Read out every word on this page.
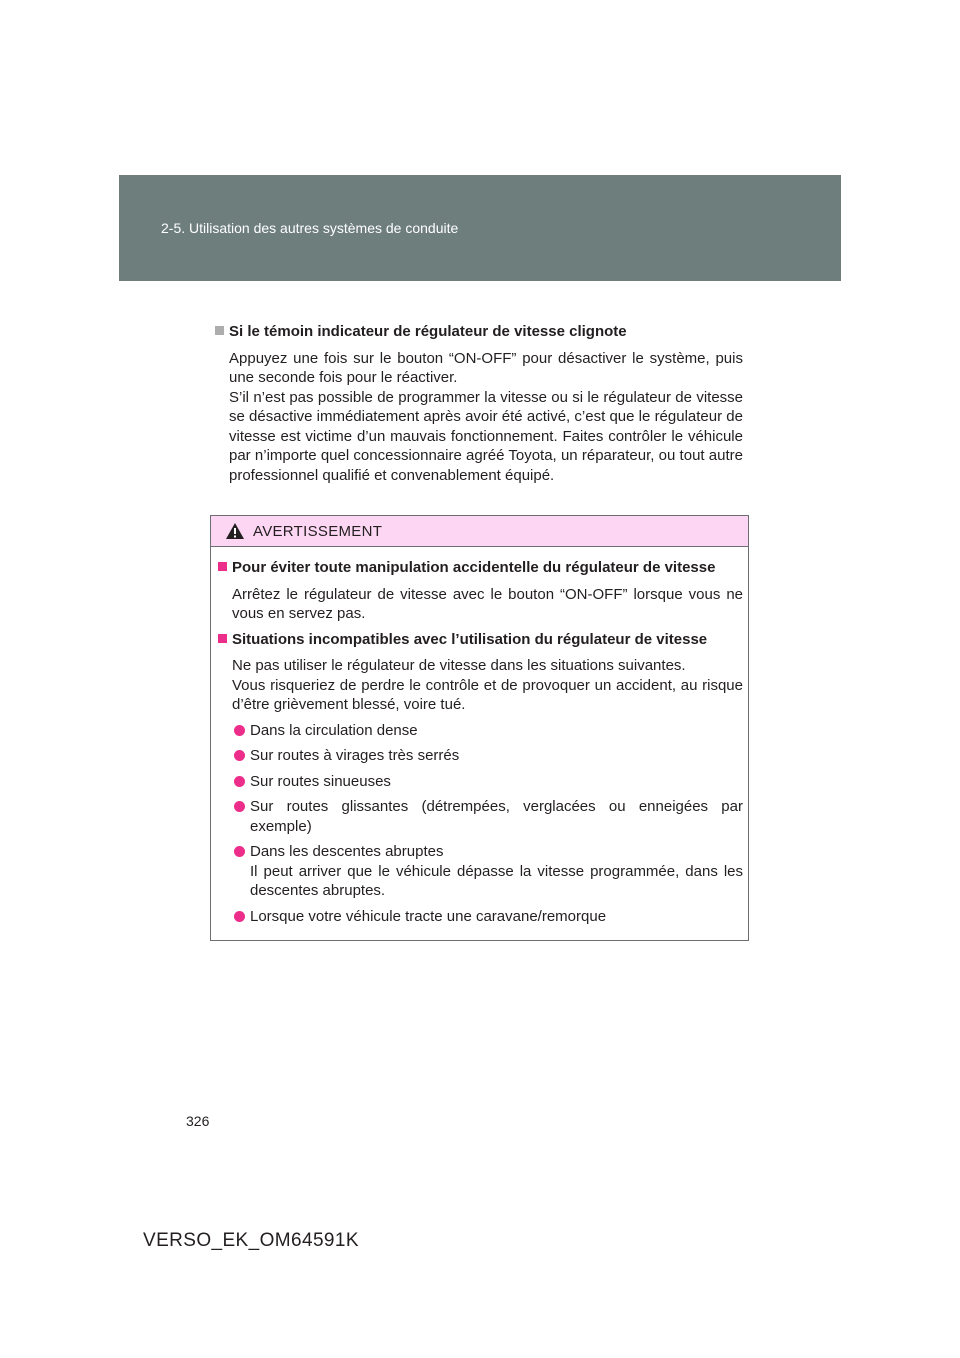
2-5. Utilisation des autres systèmes de conduite
Si le témoin indicateur de régulateur de vitesse clignote

Appuyez une fois sur le bouton “ON-OFF” pour désactiver le système, puis une seconde fois pour le réactiver.

S’il n’est pas possible de programmer la vitesse ou si le régulateur de vitesse se désactive immédiatement après avoir été activé, c’est que le régulateur de vitesse est victime d’un mauvais fonctionnement. Faites contrôler le véhicule par n’importe quel concessionnaire agréé Toyota, un réparateur, ou tout autre professionnel qualifié et convenablement équipé.

AVERTISSEMENT
Pour éviter toute manipulation accidentelle du régulateur de vitesse

Arrêtez le régulateur de vitesse avec le bouton “ON-OFF” lorsque vous ne vous en servez pas.

Situations incompatibles avec l’utilisation du régulateur de vitesse

Ne pas utiliser le régulateur de vitesse dans les situations suivantes.

Vous risqueriez de perdre le contrôle et de provoquer un accident, au risque d’être grièvement blessé, voire tué.

Dans la circulation dense

Sur routes à virages très serrés

Sur routes sinueuses

Sur routes glissantes (détrempées, verglacées ou enneigées par exemple)

Dans les descentes abruptes

Il peut arriver que le véhicule dépasse la vitesse programmée, dans les descentes abruptes.

Lorsque votre véhicule tracte une caravane/remorque

326
VERSO_EK_OM64591K
